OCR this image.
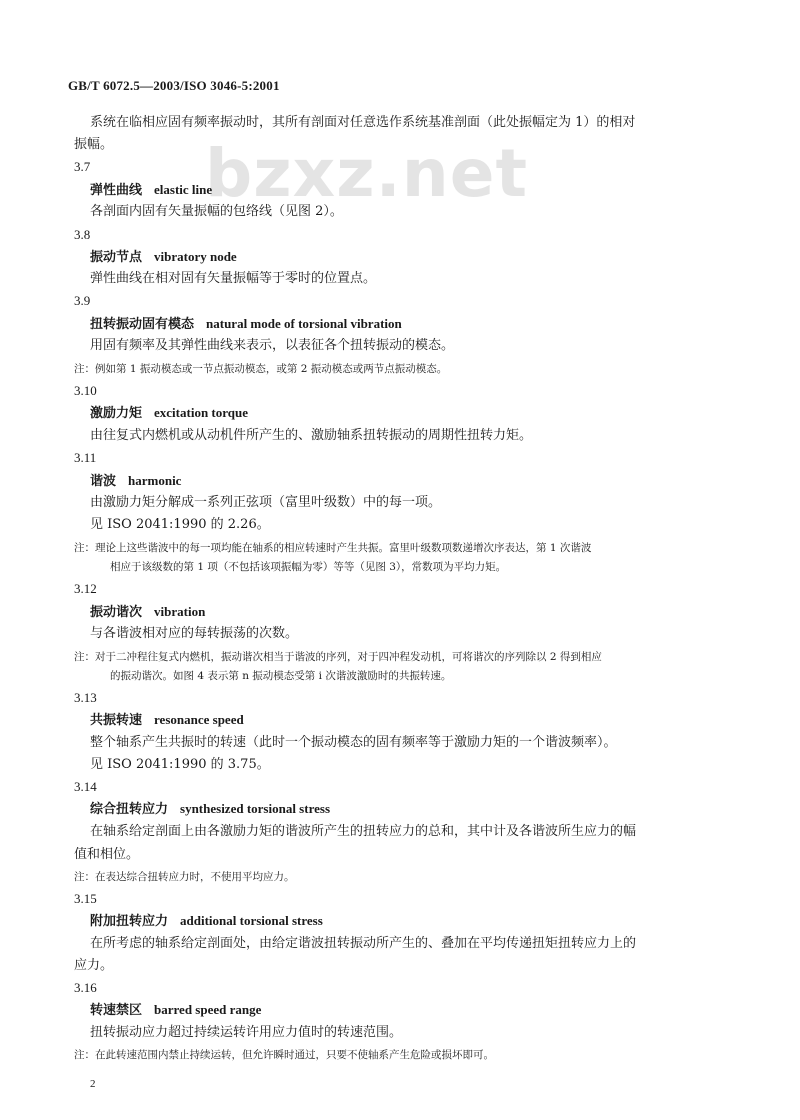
GB/T 6072.5—2003/ISO 3046-5:2001
bzxz.net
系统在临相应固有频率振动时，其所有剖面对任意选作系统基准剖面（此处振幅定为 1）的相对
振幅。
3.7
弹性曲线 elastic line
各剖面内固有矢量振幅的包络线（见图 2）。
3.8
振动节点 vibratory node
弹性曲线在相对固有矢量振幅等于零时的位置点。
3.9
扭转振动固有模态 natural mode of torsional vibration
用固有频率及其弹性曲线来表示，以表征各个扭转振动的模态。
注：例如第 1 振动模态或一节点振动模态，或第 2 振动模态或两节点振动模态。
3.10
激励力矩 excitation torque
由往复式内燃机或从动机件所产生的、激励轴系扭转振动的周期性扭转力矩。
3.11
谐波 harmonic
由激励力矩分解成一系列正弦项（富里叶级数）中的每一项。
见 ISO 2041:1990 的 2.26。
注：理论上这些谐波中的每一项均能在轴系的相应转速时产生共振。富里叶级数项数递增次序表达，第 1 次谐波
相应于该级数的第 1 项（不包括该项振幅为零）等等（见图 3），常数项为平均力矩。
3.12
振动谐次 vibration
与各谐波相对应的每转振荡的次数。
注：对于二冲程往复式内燃机，振动谐次相当于谐波的序列，对于四冲程发动机，可将谐次的序列除以 2 得到相应
的振动谐次。如图 4 表示第 n 振动模态受第 i 次谐波激励时的共振转速。
3.13
共振转速 resonance speed
整个轴系产生共振时的转速（此时一个振动模态的固有频率等于激励力矩的一个谐波频率）。
见 ISO 2041:1990 的 3.75。
3.14
综合扭转应力 synthesized torsional stress
在轴系给定剖面上由各激励力矩的谐波所产生的扭转应力的总和，其中计及各谐波所生应力的幅
值和相位。
注：在表达综合扭转应力时，不使用平均应力。
3.15
附加扭转应力 additional torsional stress
在所考虑的轴系给定剖面处，由给定谐波扭转振动所产生的、叠加在平均传递扭矩扭转应力上的
应力。
3.16
转速禁区 barred speed range
扭转振动应力超过持续运转许用应力值时的转速范围。
注：在此转速范围内禁止持续运转，但允许瞬时通过，只要不使轴系产生危险或损坏即可。
2
